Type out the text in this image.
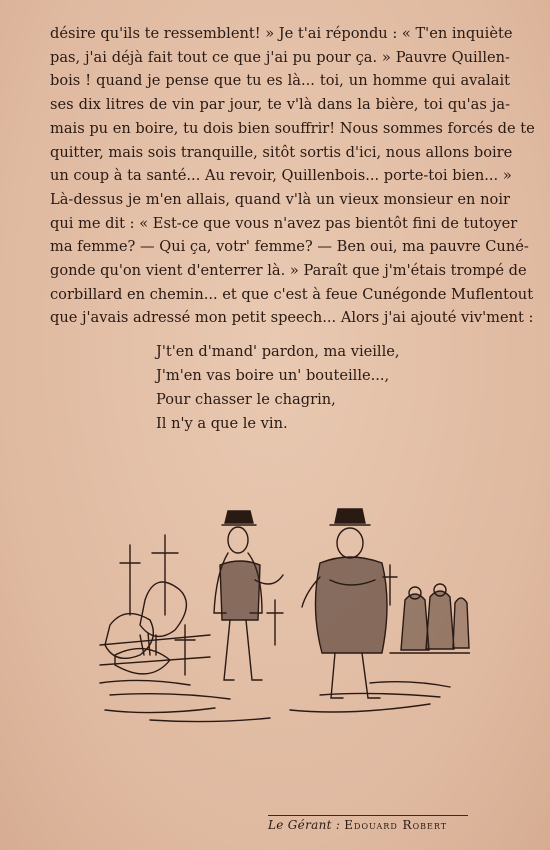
désire qu'ils te ressemblent! » Je t'ai répondu : « T'en inquiète
pas, j'ai déjà fait tout ce que j'ai pu pour ça. » Pauvre Quillen-
bois ! quand je pense que tu es là... toi, un homme qui avalait
ses dix litres de vin par jour, te v'là dans la bière, toi qu'as ja-
mais pu en boire, tu dois bien souffrir! Nous sommes forcés de te
quitter, mais sois tranquille, sitôt sortis d'ici, nous allons boire
un coup à ta santé... Au revoir, Quillenbois... porte-toi bien... »
Là-dessus je m'en allais, quand v'là un vieux monsieur en noir
qui me dit : « Est-ce que vous n'avez pas bientôt fini de tutoyer
ma femme? — Qui ça, votr' femme? — Ben oui, ma pauvre Cuné-
gonde qu'on vient d'enterrer là. » Paraît que j'm'étais trompé de
corbillard en chemin... et que c'est à feue Cunégonde Muflentout
que j'avais adressé mon petit speech... Alors j'ai ajouté viv'ment :
J't'en d'mand' pardon, ma vieille,
J'm'en vas boire un' bouteille...,
Pour chasser le chagrin,
Il n'y a que le vin.
Le Gérant : Edouard Robert
